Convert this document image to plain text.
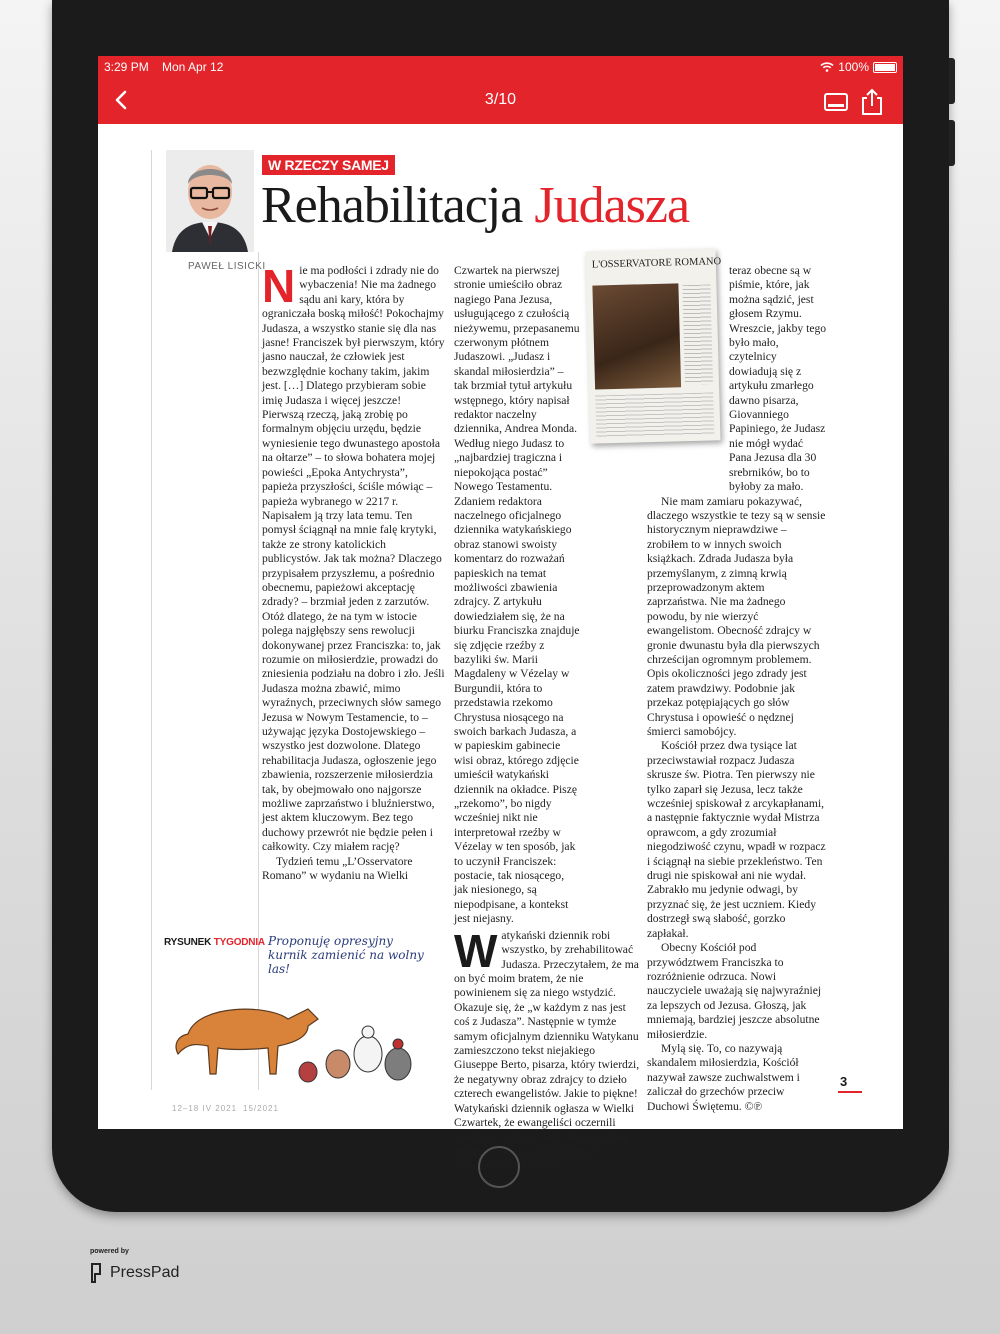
3:29 PM Mon Apr 12	100%
3/10
PAWEŁ LISICKI
W RZECZY SAMEJ
Rehabilitacja Judasza

Nie ma podłości i zdrady nie do wybaczenia! Nie ma żadnego sądu ani kary, która by ograniczała boską miłość! Pokochajmy Judasza, a wszystko stanie się dla nas jasne! Franciszek był pierwszym, który jasno nauczał, że człowiek jest bezwzględnie kochany takim, jakim jest. […] Dlatego przybieram sobie imię Judasza i więcej jeszcze! Pierwszą rzeczą, jaką zrobię po formalnym objęciu urzędu, będzie wyniesienie tego dwunastego apostoła na ołtarze” – to słowa bohatera mojej powieści „Epoka Antychrysta”, papieża przyszłości, ściśle mówiąc – papieża wybranego w 2217 r. Napisałem ją trzy lata temu. Ten pomysł ściągnął na mnie falę krytyki, także ze strony katolickich publicystów. Jak tak można? Dlaczego przypisałem przyszłemu, a pośrednio obecnemu, papieżowi akceptację zdrady? – brzmiał jeden z zarzutów. Otóż dlatego, że na tym w istocie polega najgłębszy sens rewolucji dokonywanej przez Franciszka: to, jak rozumie on miłosierdzie, prowadzi do zniesienia podziału na dobro i zło. Jeśli Judasza można zbawić, mimo wyraźnych, przeciwnych słów samego Jezusa w Nowym Testamencie, to – używając języka Dostojewskiego – wszystko jest dozwolone. Dlatego rehabilitacja Judasza, ogłoszenie jego zbawienia, rozszerzenie miłosierdzia tak, by obejmowało ono najgorsze możliwe zaprzaństwo i bluźnierstwo, jest aktem kluczowym. Bez tego duchowy przewrót nie będzie pełen i całkowity. Czy miałem rację?

Tydzień temu „L’Osservatore Romano” w wydaniu na Wielki

Czwartek na pierwszej stronie umieściło obraz nagiego Pana Jezusa, usługującego z czułością nieżywemu, przepasanemu czerwonym płótnem Judaszowi. „Judasz i skandal miłosierdzia” – tak brzmiał tytuł artykułu wstępnego, który napisał redaktor naczelny dziennika, Andrea Monda. Według niego Judasz to „najbardziej tragiczna i niepokojąca postać” Nowego Testamentu. Zdaniem redaktora naczelnego oficjalnego dziennika watykańskiego obraz stanowi swoisty komentarz do rozważań papieskich na temat możliwości zbawienia zdrajcy. Z artykułu dowiedziałem się, że na biurku Franciszka znajduje się zdjęcie rzeźby z bazyliki św. Marii Magdaleny w Vézelay w Burgundii, która to przedstawia rzekomo Chrystusa niosącego na swoich barkach Judasza, a w papieskim gabinecie wisi obraz, którego zdjęcie umieścił watykański dziennik na okładce. Piszę „rzekomo”, bo nigdy wcześniej nikt nie interpretował rzeźby w Vézelay w ten sposób, jak to uczynił Franciszek: postacie, tak niosącego, jak niesionego, są niepodpisane, a kontekst jest niejasny.

Watykański dziennik robi wszystko, by zrehabilitować Judasza. Przeczytałem, że ma on być moim bratem, że nie powinienem się za niego wstydzić. Okazuje się, że „w każdym z nas jest coś z Judasza”. Następnie w tymże samym oficjalnym dzienniku Watykanu zamieszczono tekst niejakiego Giuseppe Berto, pisarza, który twierdzi, że negatywny obraz zdrajcy to dzieło czterech ewangelistów. Jakie to piękne! Watykański dziennik ogłasza w Wielki Czwartek, że ewangeliści oczernili biednego Judasza. Tezy, które można znaleźć u wielu zaprzysięgłych przeciwników Kościoła,

L'OSSERVATORE ROMANO teraz obecne są w piśmie, które, jak można sądzić, jest głosem Rzymu. Wreszcie, jakby tego było mało, czytelnicy dowiadują się z artykułu zmarłego dawno pisarza, Giovanniego Papiniego, że Judasz nie mógł wydać Pana Jezusa dla 30 srebrników, bo to byłoby za mało.

Nie mam zamiaru pokazywać, dlaczego wszystkie te tezy są w sensie historycznym nieprawdziwe – zrobiłem to w innych swoich książkach. Zdrada Judasza była przemyślanym, z zimną krwią przeprowadzonym aktem zaprzaństwa. Nie ma żadnego powodu, by nie wierzyć ewangelistom. Obecność zdrajcy w gronie dwunastu była dla pierwszych chrześcijan ogromnym problemem. Opis okoliczności jego zdrady jest zatem prawdziwy. Podobnie jak przekaz potępiających go słów Chrystusa i opowieść o nędznej śmierci samobójcy.

Kościół przez dwa tysiące lat przeciwstawiał rozpacz Judasza skrusze św. Piotra. Ten pierwszy nie tylko zaparł się Jezusa, lecz także wcześniej spiskował z arcykapłanami, a następnie faktycznie wydał Mistrza oprawcom, a gdy zrozumiał niegodziwość czynu, wpadł w rozpacz i ściągnął na siebie przekleństwo. Ten drugi nie spiskował ani nie wydał. Zabrakło mu jedynie odwagi, by przyznać się, że jest uczniem. Kiedy dostrzegł swą słabość, gorzko zapłakał.

Obecny Kościół pod przywództwem Franciszka to rozróżnienie odrzuca. Nowi nauczyciele uważają się najwyraźniej za lepszych od Jezusa. Głoszą, jak mniemają, bardziej jeszcze absolutne miłosierdzie.

Mylą się. To, co nazywają skandalem miłosierdzia, Kościół nazywał zawsze zuchwalstwem i zaliczał do grzechów przeciw Duchowi Świętemu. ©℗

RYSUNEK TYGODNIA Proponuję opresyjny kurnik zamienić na wolny las!
12–18 IV 2021 15/2021
3
powered by
PressPad
